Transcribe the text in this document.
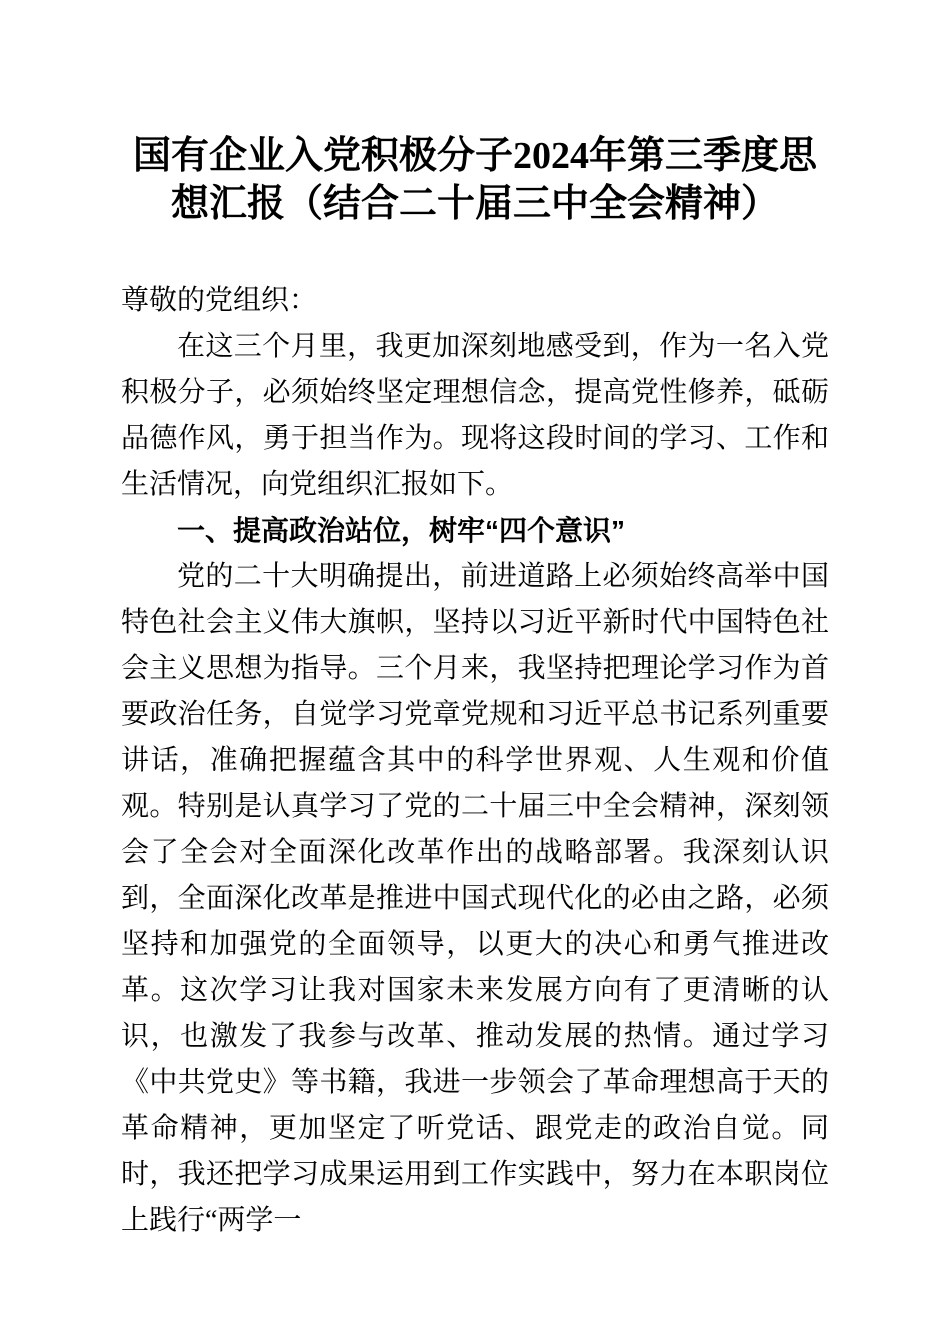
国有企业入党积极分子2024年第三季度思想汇报（结合二十届三中全会精神）

尊敬的党组织：

在这三个月里，我更加深刻地感受到，作为一名入党积极分子，必须始终坚定理想信念，提高党性修养，砥砺品德作风，勇于担当作为。现将这段时间的学习、工作和生活情况，向党组织汇报如下。

一、提高政治站位，树牢“四个意识”

党的二十大明确提出，前进道路上必须始终高举中国特色社会主义伟大旗帜，坚持以习近平新时代中国特色社会主义思想为指导。三个月来，我坚持把理论学习作为首要政治任务，自觉学习党章党规和习近平总书记系列重要讲话，准确把握蕴含其中的科学世界观、人生观和价值观。特别是认真学习了党的二十届三中全会精神，深刻领会了全会对全面深化改革作出的战略部署。我深刻认识到，全面深化改革是推进中国式现代化的必由之路，必须坚持和加强党的全面领导，以更大的决心和勇气推进改革。这次学习让我对国家未来发展方向有了更清晰的认识，也激发了我参与改革、推动发展的热情。通过学习《中共党史》等书籍，我进一步领会了革命理想高于天的革命精神，更加坚定了听党话、跟党走的政治自觉。同时，我还把学习成果运用到工作实践中，努力在本职岗位上践行“两学一
